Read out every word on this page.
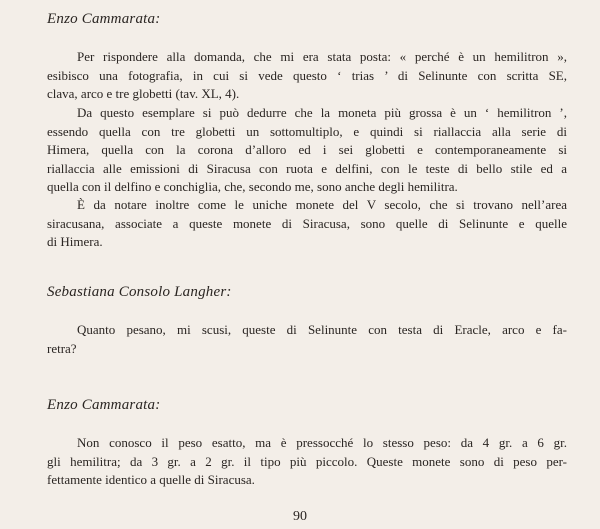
Enzo Cammarata:

Per rispondere alla domanda, che mi era stata posta: « perché è un hemilitron »,
esibisco una fotografia, in cui si vede questo ‘ trias ’ di Selinunte con scritta SE,
clava, arco e tre globetti (tav. XL, 4).
Da questo esemplare si può dedurre che la moneta più grossa è un ‘ hemilitron ’,
essendo quella con tre globetti un sottomultiplo, e quindi si riallaccia alla serie di
Himera, quella con la corona d’alloro ed i sei globetti e contemporaneamente si
riallaccia alle emissioni di Siracusa con ruota e delfini, con le teste di bello stile ed a
quella con il delfino e conchiglia, che, secondo me, sono anche degli hemilitra.
È da notare inoltre come le uniche monete del V secolo, che si trovano nell’area
siracusana, associate a queste monete di Siracusa, sono quelle di Selinunte e quelle
di Himera.

Sebastiana Consolo Langher:

Quanto pesano, mi scusi, queste di Selinunte con testa di Eracle, arco e fa-
retra?

Enzo Cammarata:

Non conosco il peso esatto, ma è pressocché lo stesso peso: da 4 gr. a 6 gr.
gli hemilitra; da 3 gr. a 2 gr. il tipo più piccolo. Queste monete sono di peso per-
fettamente identico a quelle di Siracusa.

90
